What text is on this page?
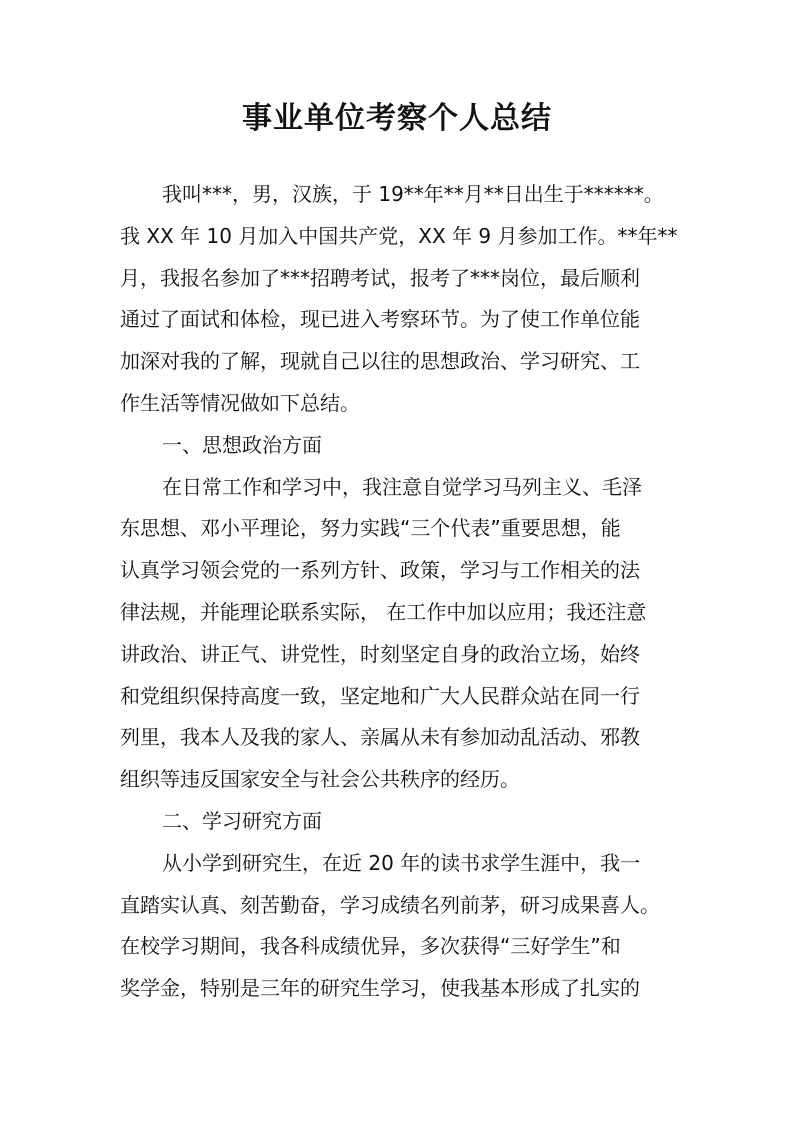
事业单位考察个人总结
我叫***，男，汉族，于 19**年**月**日出生于******。
我 XX 年 10 月加入中国共产党，XX 年 9 月参加工作。**年**
月，我报名参加了***招聘考试，报考了***岗位，最后顺利
通过了面试和体检，现已进入考察环节。为了使工作单位能
加深对我的了解，现就自己以往的思想政治、学习研究、工
作生活等情况做如下总结。
一、思想政治方面
在日常工作和学习中，我注意自觉学习马列主义、毛泽
东思想、邓小平理论，努力实践“三个代表”重要思想，能
认真学习领会党的一系列方针、政策，学习与工作相关的法
律法规，并能理论联系实际， 在工作中加以应用；我还注意
讲政治、讲正气、讲党性，时刻坚定自身的政治立场，始终
和党组织保持高度一致，坚定地和广大人民群众站在同一行
列里，我本人及我的家人、亲属从未有参加动乱活动、邪教
组织等违反国家安全与社会公共秩序的经历。
二、学习研究方面
从小学到研究生，在近 20 年的读书求学生涯中，我一
直踏实认真、刻苦勤奋，学习成绩名列前茅，研习成果喜人。
在校学习期间，我各科成绩优异，多次获得“三好学生”和
奖学金，特别是三年的研究生学习，使我基本形成了扎实的
